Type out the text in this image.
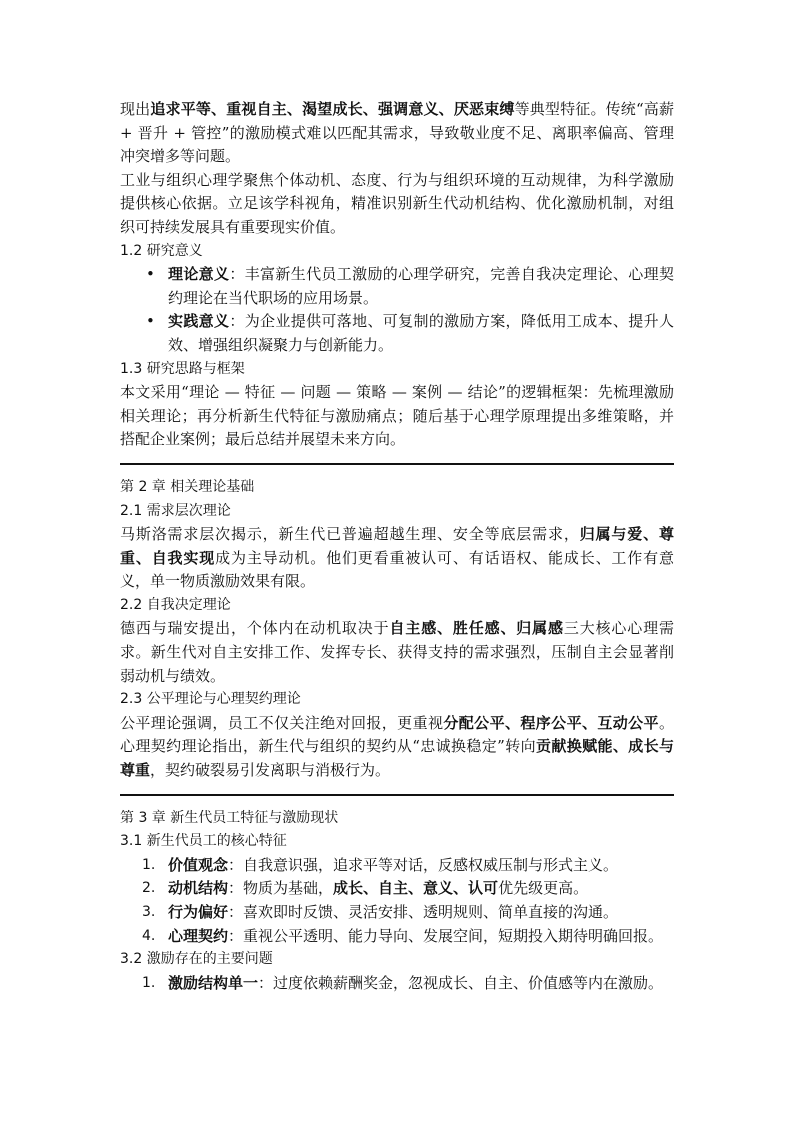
现出追求平等、重视自主、渴望成长、强调意义、厌恶束缚等典型特征。传统“高薪 + 晋升 + 管控”的激励模式难以匹配其需求，导致敬业度不足、离职率偏高、管理冲突增多等问题。

工业与组织心理学聚焦个体动机、态度、行为与组织环境的互动规律，为科学激励提供核心依据。立足该学科视角，精准识别新生代动机结构、优化激励机制，对组织可持续发展具有重要现实价值。

1.2 研究意义
• 理论意义：丰富新生代员工激励的心理学研究，完善自我决定理论、心理契约理论在当代职场的应用场景。
• 实践意义：为企业提供可落地、可复制的激励方案，降低用工成本、提升人效、增强组织凝聚力与创新能力。
1.3 研究思路与框架

本文采用“理论 — 特征 — 问题 — 策略 — 案例 — 结论”的逻辑框架：先梳理激励相关理论；再分析新生代特征与激励痛点；随后基于心理学原理提出多维策略，并搭配企业案例；最后总结并展望未来方向。

第 2 章 相关理论基础
2.1 需求层次理论

马斯洛需求层次揭示，新生代已普遍超越生理、安全等底层需求，归属与爱、尊重、自我实现成为主导动机。他们更看重被认可、有话语权、能成长、工作有意义，单一物质激励效果有限。

2.2 自我决定理论

德西与瑞安提出，个体内在动机取决于自主感、胜任感、归属感三大核心心理需求。新生代对自主安排工作、发挥专长、获得支持的需求强烈，压制自主会显著削弱动机与绩效。

2.3 公平理论与心理契约理论

公平理论强调，员工不仅关注绝对回报，更重视分配公平、程序公平、互动公平。心理契约理论指出，新生代与组织的契约从“忠诚换稳定”转向贡献换赋能、成长与尊重，契约破裂易引发离职与消极行为。

第 3 章 新生代员工特征与激励现状
3.1 新生代员工的核心特征
1. 价值观念：自我意识强，追求平等对话，反感权威压制与形式主义。
2. 动机结构：物质为基础，成长、自主、意义、认可优先级更高。
3. 行为偏好：喜欢即时反馈、灵活安排、透明规则、简单直接的沟通。
4. 心理契约：重视公平透明、能力导向、发展空间，短期投入期待明确回报。
3.2 激励存在的主要问题
1. 激励结构单一：过度依赖薪酬奖金，忽视成长、自主、价值感等内在激励。
